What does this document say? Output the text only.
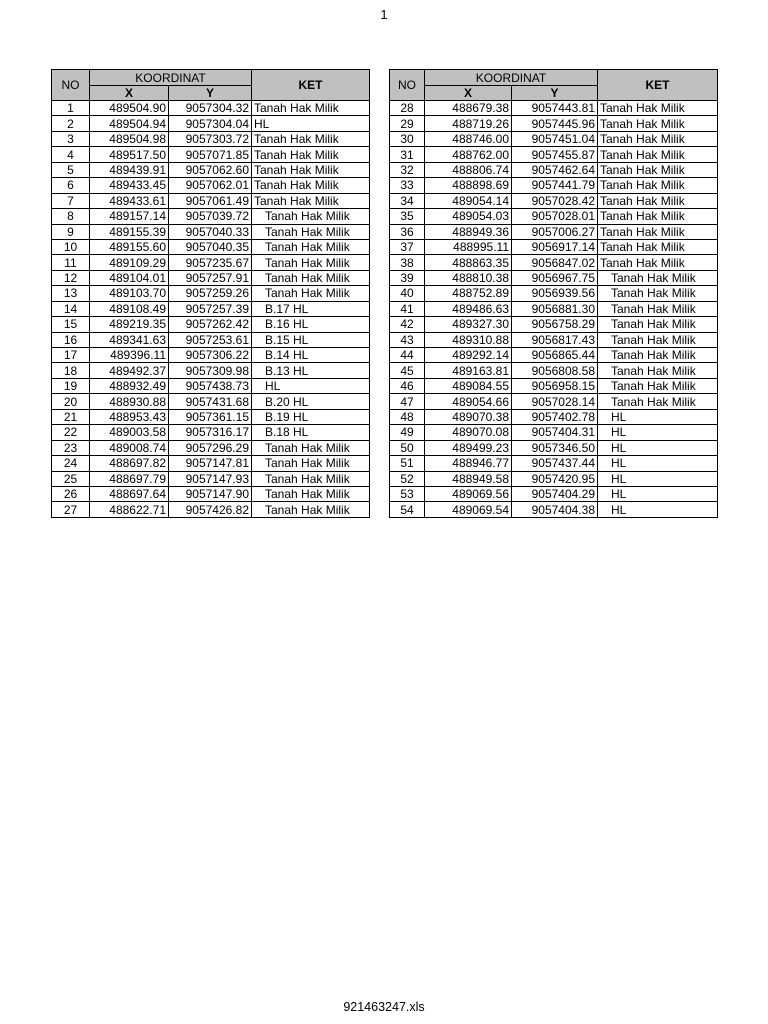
1
NO	KOORDINAT		KET
	X	Y	
1	489504.90	9057304.32	Tanah Hak Milik
2	489504.94	9057304.04	HL
3	489504.98	9057303.72	Tanah Hak Milik
4	489517.50	9057071.85	Tanah Hak Milik
5	489439.91	9057062.60	Tanah Hak Milik
6	489433.45	9057062.01	Tanah Hak Milik
7	489433.61	9057061.49	Tanah Hak Milik
8	489157.14	9057039.72	Tanah Hak Milik
9	489155.39	9057040.33	Tanah Hak Milik
10	489155.60	9057040.35	Tanah Hak Milik
11	489109.29	9057235.67	Tanah Hak Milik
12	489104.01	9057257.91	Tanah Hak Milik
13	489103.70	9057259.26	Tanah Hak Milik
14	489108.49	9057257.39	B.17 HL
15	489219.35	9057262.42	B.16 HL
16	489341.63	9057253.61	B.15 HL
17	489396.11	9057306.22	B.14 HL
18	489492.37	9057309.98	B.13 HL
19	488932.49	9057438.73	HL
20	488930.88	9057431.68	B.20 HL
21	488953.43	9057361.15	B.19 HL
22	489003.58	9057316.17	B.18 HL
23	489008.74	9057296.29	Tanah Hak Milik
24	488697.82	9057147.81	Tanah Hak Milik
25	488697.79	9057147.93	Tanah Hak Milik
26	488697.64	9057147.90	Tanah Hak Milik
27	488622.71	9057426.82	Tanah Hak Milik
NO	KOORDINAT		KET
	X	Y	
28	488679.38	9057443.81	Tanah Hak Milik
29	488719.26	9057445.96	Tanah Hak Milik
30	488746.00	9057451.04	Tanah Hak Milik
31	488762.00	9057455.87	Tanah Hak Milik
32	488806.74	9057462.64	Tanah Hak Milik
33	488898.69	9057441.79	Tanah Hak Milik
34	489054.14	9057028.42	Tanah Hak Milik
35	489054.03	9057028.01	Tanah Hak Milik
36	488949.36	9057006.27	Tanah Hak Milik
37	488995.11	9056917.14	Tanah Hak Milik
38	488863.35	9056847.02	Tanah Hak Milik
39	488810.38	9056967.75	Tanah Hak Milik
40	488752.89	9056939.56	Tanah Hak Milik
41	489486.63	9056881.30	Tanah Hak Milik
42	489327.30	9056758.29	Tanah Hak Milik
43	489310.88	9056817.43	Tanah Hak Milik
44	489292.14	9056865.44	Tanah Hak Milik
45	489163.81	9056808.58	Tanah Hak Milik
46	489084.55	9056958.15	Tanah Hak Milik
47	489054.66	9057028.14	Tanah Hak Milik
48	489070.38	9057402.78	HL
49	489070.08	9057404.31	HL
50	489499.23	9057346.50	HL
51	488946.77	9057437.44	HL
52	488949.58	9057420.95	HL
53	489069.56	9057404.29	HL
54	489069.54	9057404.38	HL
921463247.xls
